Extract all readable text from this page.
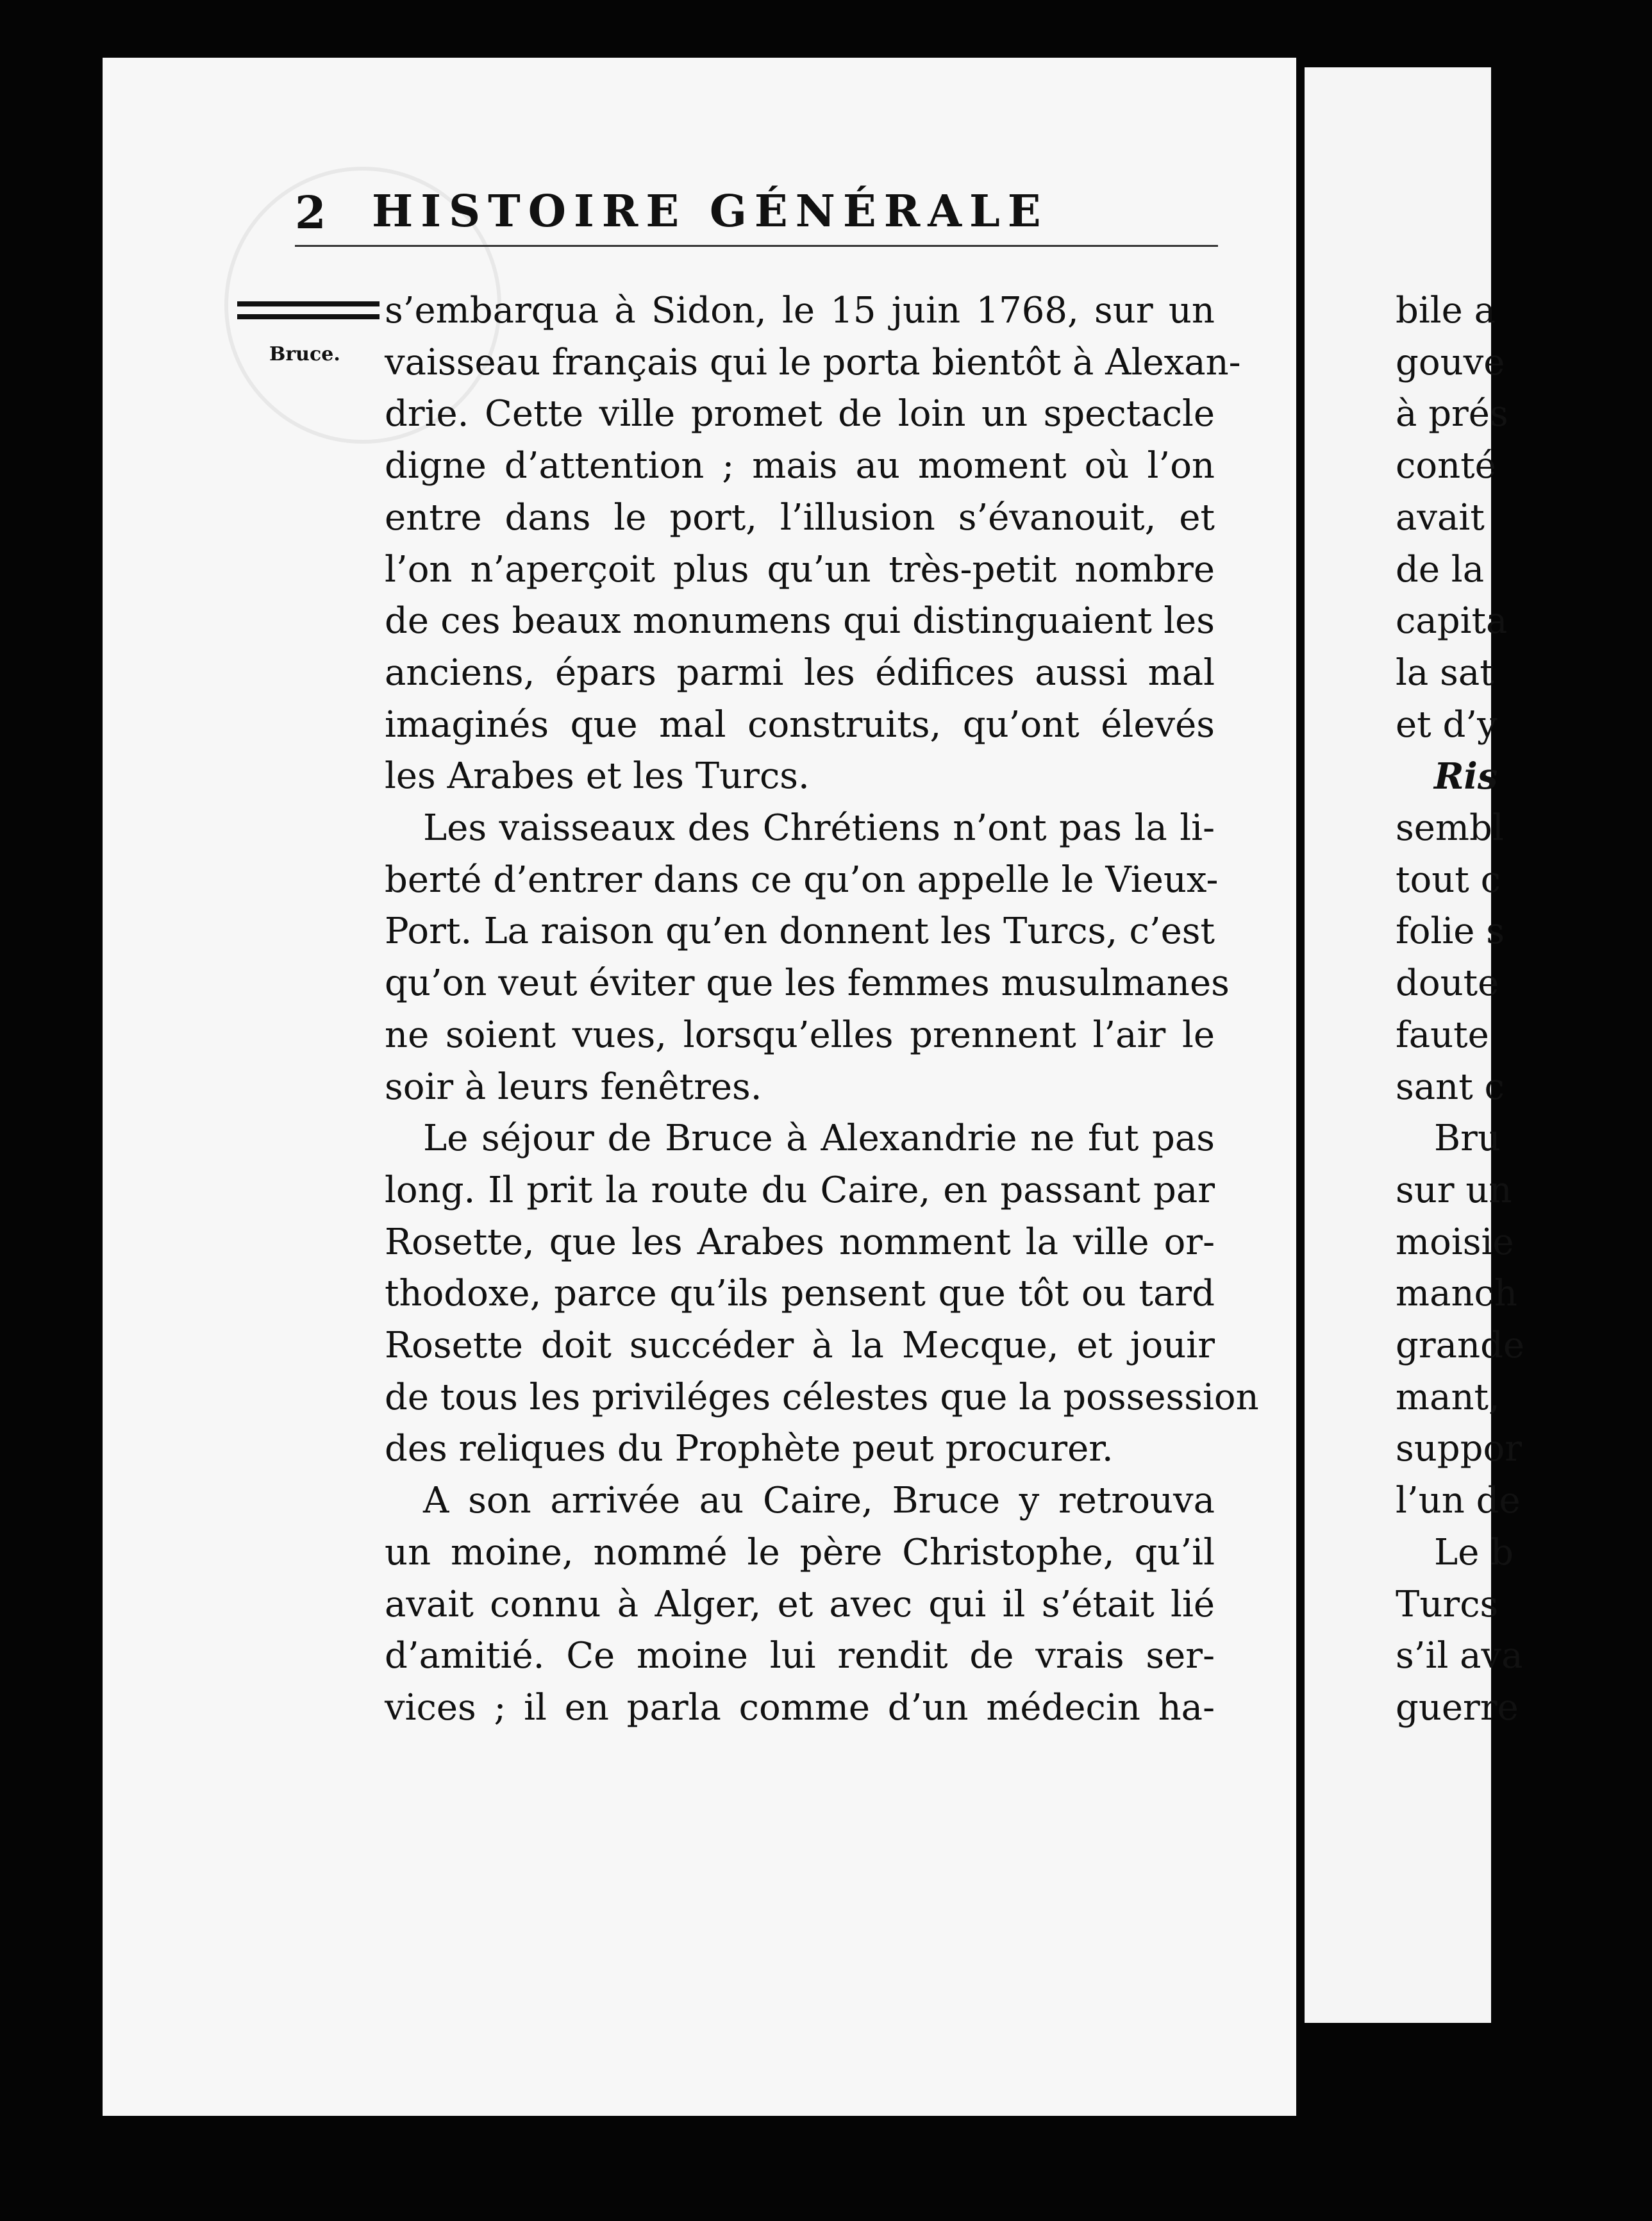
bile a
gouve
à prés
conté
avait
de la
capita
la sat
et d’y
Ris
sembl
tout c
folie s
doute
faute
sant c
Bru
sur un
moisie
manch
grande
mant,
suppor
l’un de
Le b
Turcs
s’il ava
guerre
2 HISTOIRE GÉNÉRALE
Bruce.
s’embarqua à Sidon, le 15 juin 1768, sur un
vaisseau français qui le porta bientôt à Alexan-
drie. Cette ville promet de loin un spectacle
digne d’attention ; mais au moment où l’on
entre dans le port, l’illusion s’évanouit, et
l’on n’aperçoit plus qu’un très-petit nombre
de ces beaux monumens qui distinguaient les
anciens, épars parmi les édifices aussi mal
imaginés que mal construits, qu’ont élevés
les Arabes et les Turcs.
Les vaisseaux des Chrétiens n’ont pas la li-
berté d’entrer dans ce qu’on appelle le Vieux-
Port. La raison qu’en donnent les Turcs, c’est
qu’on veut éviter que les femmes musulmanes
ne soient vues, lorsqu’elles prennent l’air le
soir à leurs fenêtres.
Le séjour de Bruce à Alexandrie ne fut pas
long. Il prit la route du Caire, en passant par
Rosette, que les Arabes nomment la ville or-
thodoxe, parce qu’ils pensent que tôt ou tard
Rosette doit succéder à la Mecque, et jouir
de tous les priviléges célestes que la possession
des reliques du Prophète peut procurer.
A son arrivée au Caire, Bruce y retrouva
un moine, nommé le père Christophe, qu’il
avait connu à Alger, et avec qui il s’était lié
d’amitié. Ce moine lui rendit de vrais ser-
vices ; il en parla comme d’un médecin ha-
